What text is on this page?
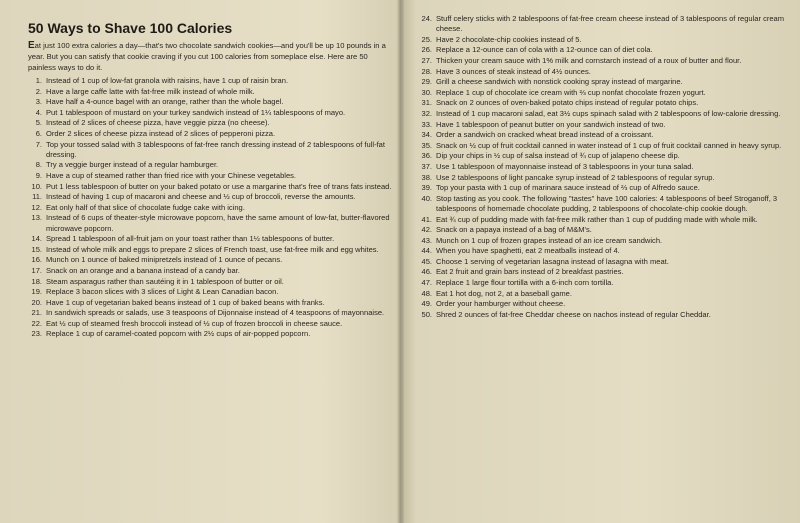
50 Ways to Shave 100 Calories
Eat just 100 extra calories a day—that's two chocolate sandwich cookies—and you'll be up 10 pounds in a year. But you can satisfy that cookie craving if you cut 100 calories from someplace else. Here are 50 painless ways to do it.
1. Instead of 1 cup of low-fat granola with raisins, have 1 cup of raisin bran.
2. Have a large caffe latte with fat-free milk instead of whole milk.
3. Have half a 4-ounce bagel with an orange, rather than the whole bagel.
4. Put 1 tablespoon of mustard on your turkey sandwich instead of 1¼ tablespoons of mayo.
5. Instead of 2 slices of cheese pizza, have veggie pizza (no cheese).
6. Order 2 slices of cheese pizza instead of 2 slices of pepperoni pizza.
7. Top your tossed salad with 3 tablespoons of fat-free ranch dressing instead of 2 tablespoons of full-fat dressing.
8. Try a veggie burger instead of a regular hamburger.
9. Have a cup of steamed rather than fried rice with your Chinese vegetables.
10. Put 1 less tablespoon of butter on your baked potato or use a margarine that's free of trans fats instead.
11. Instead of having 1 cup of macaroni and cheese and ½ cup of broccoli, reverse the amounts.
12. Eat only half of that slice of chocolate fudge cake with icing.
13. Instead of 6 cups of theater-style microwave popcorn, have the same amount of low-fat, butter-flavored microwave popcorn.
14. Spread 1 tablespoon of all-fruit jam on your toast rather than 1½ tablespoons of butter.
15. Instead of whole milk and eggs to prepare 2 slices of French toast, use fat-free milk and egg whites.
16. Munch on 1 ounce of baked minipretzels instead of 1 ounce of pecans.
17. Snack on an orange and a banana instead of a candy bar.
18. Steam asparagus rather than sautéing it in 1 tablespoon of butter or oil.
19. Replace 3 bacon slices with 3 slices of Light & Lean Canadian bacon.
20. Have 1 cup of vegetarian baked beans instead of 1 cup of baked beans with franks.
21. In sandwich spreads or salads, use 3 teaspoons of Dijonnaise instead of 4 teaspoons of mayonnaise.
22. Eat ½ cup of steamed fresh broccoli instead of ½ cup of frozen broccoli in cheese sauce.
23. Replace 1 cup of caramel-coated popcorn with 2½ cups of air-popped popcorn.
24. Stuff celery sticks with 2 tablespoons of fat-free cream cheese instead of 3 tablespoons of regular cream cheese.
25. Have 2 chocolate-chip cookies instead of 5.
26. Replace a 12-ounce can of cola with a 12-ounce can of diet cola.
27. Thicken your cream sauce with 1% milk and cornstarch instead of a roux of butter and flour.
28. Have 3 ounces of steak instead of 4½ ounces.
29. Grill a cheese sandwich with nonstick cooking spray instead of margarine.
30. Replace 1 cup of chocolate ice cream with ⅔ cup nonfat chocolate frozen yogurt.
31. Snack on 2 ounces of oven-baked potato chips instead of regular potato chips.
32. Instead of 1 cup macaroni salad, eat 3½ cups spinach salad with 2 tablespoons of low-calorie dressing.
33. Have 1 tablespoon of peanut butter on your sandwich instead of two.
34. Order a sandwich on cracked wheat bread instead of a croissant.
35. Snack on ½ cup of fruit cocktail canned in water instead of 1 cup of fruit cocktail canned in heavy syrup.
36. Dip your chips in ½ cup of salsa instead of ¾ cup of jalapeno cheese dip.
37. Use 1 tablespoon of mayonnaise instead of 3 tablespoons in your tuna salad.
38. Use 2 tablespoons of light pancake syrup instead of 2 tablespoons of regular syrup.
39. Top your pasta with 1 cup of marinara sauce instead of ⅔ cup of Alfredo sauce.
40. Stop tasting as you cook. The following "tastes" have 100 calories: 4 tablespoons of beef Stroganoff, 3 tablespoons of homemade chocolate pudding, 2 tablespoons of chocolate-chip cookie dough.
41. Eat ¾ cup of pudding made with fat-free milk rather than 1 cup of pudding made with whole milk.
42. Snack on a papaya instead of a bag of M&M's.
43. Munch on 1 cup of frozen grapes instead of an ice cream sandwich.
44. When you have spaghetti, eat 2 meatballs instead of 4.
45. Choose 1 serving of vegetarian lasagna instead of lasagna with meat.
46. Eat 2 fruit and grain bars instead of 2 breakfast pastries.
47. Replace 1 large flour tortilla with a 6-inch corn tortilla.
48. Eat 1 hot dog, not 2, at a baseball game.
49. Order your hamburger without cheese.
50. Shred 2 ounces of fat-free Cheddar cheese on nachos instead of regular Cheddar.
